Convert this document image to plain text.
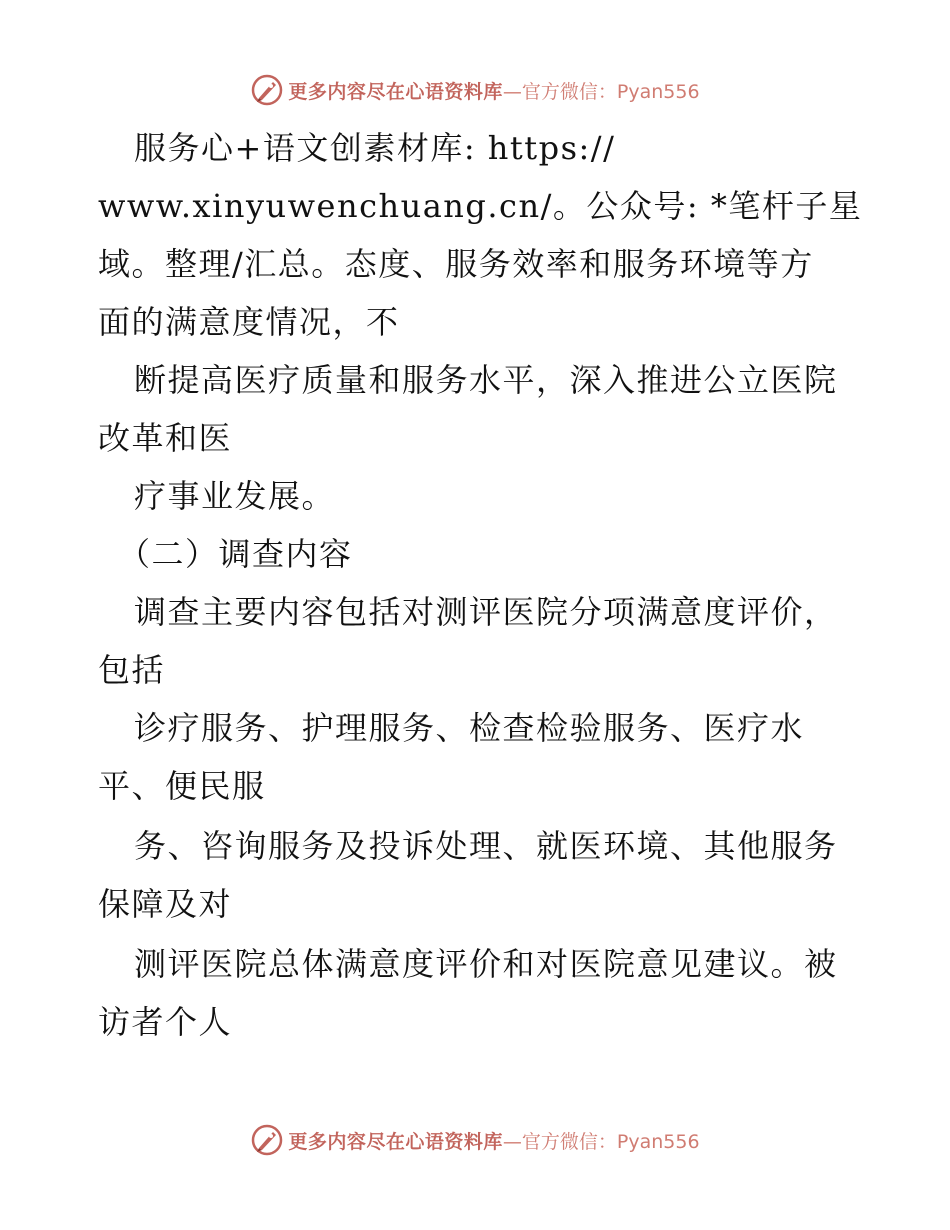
更多内容尽在心语资料库 —官方微信：Pyan556
服务心+语文创素材库: https://
www.xinyuwenchuang.cn/。公众号: *笔杆子星
域。整理/汇总。态度、服务效率和服务环境等方
面的满意度情况，不
断提高医疗质量和服务水平，深入推进公立医院
改革和医
疗事业发展。
（二）调查内容
调查主要内容包括对测评医院分项满意度评价，
包括
诊疗服务、护理服务、检查检验服务、医疗水
平、便民服
务、咨询服务及投诉处理、就医环境、其他服务
保障及对
测评医院总体满意度评价和对医院意见建议。被
访者个人
更多内容尽在心语资料库 —官方微信：Pyan556
